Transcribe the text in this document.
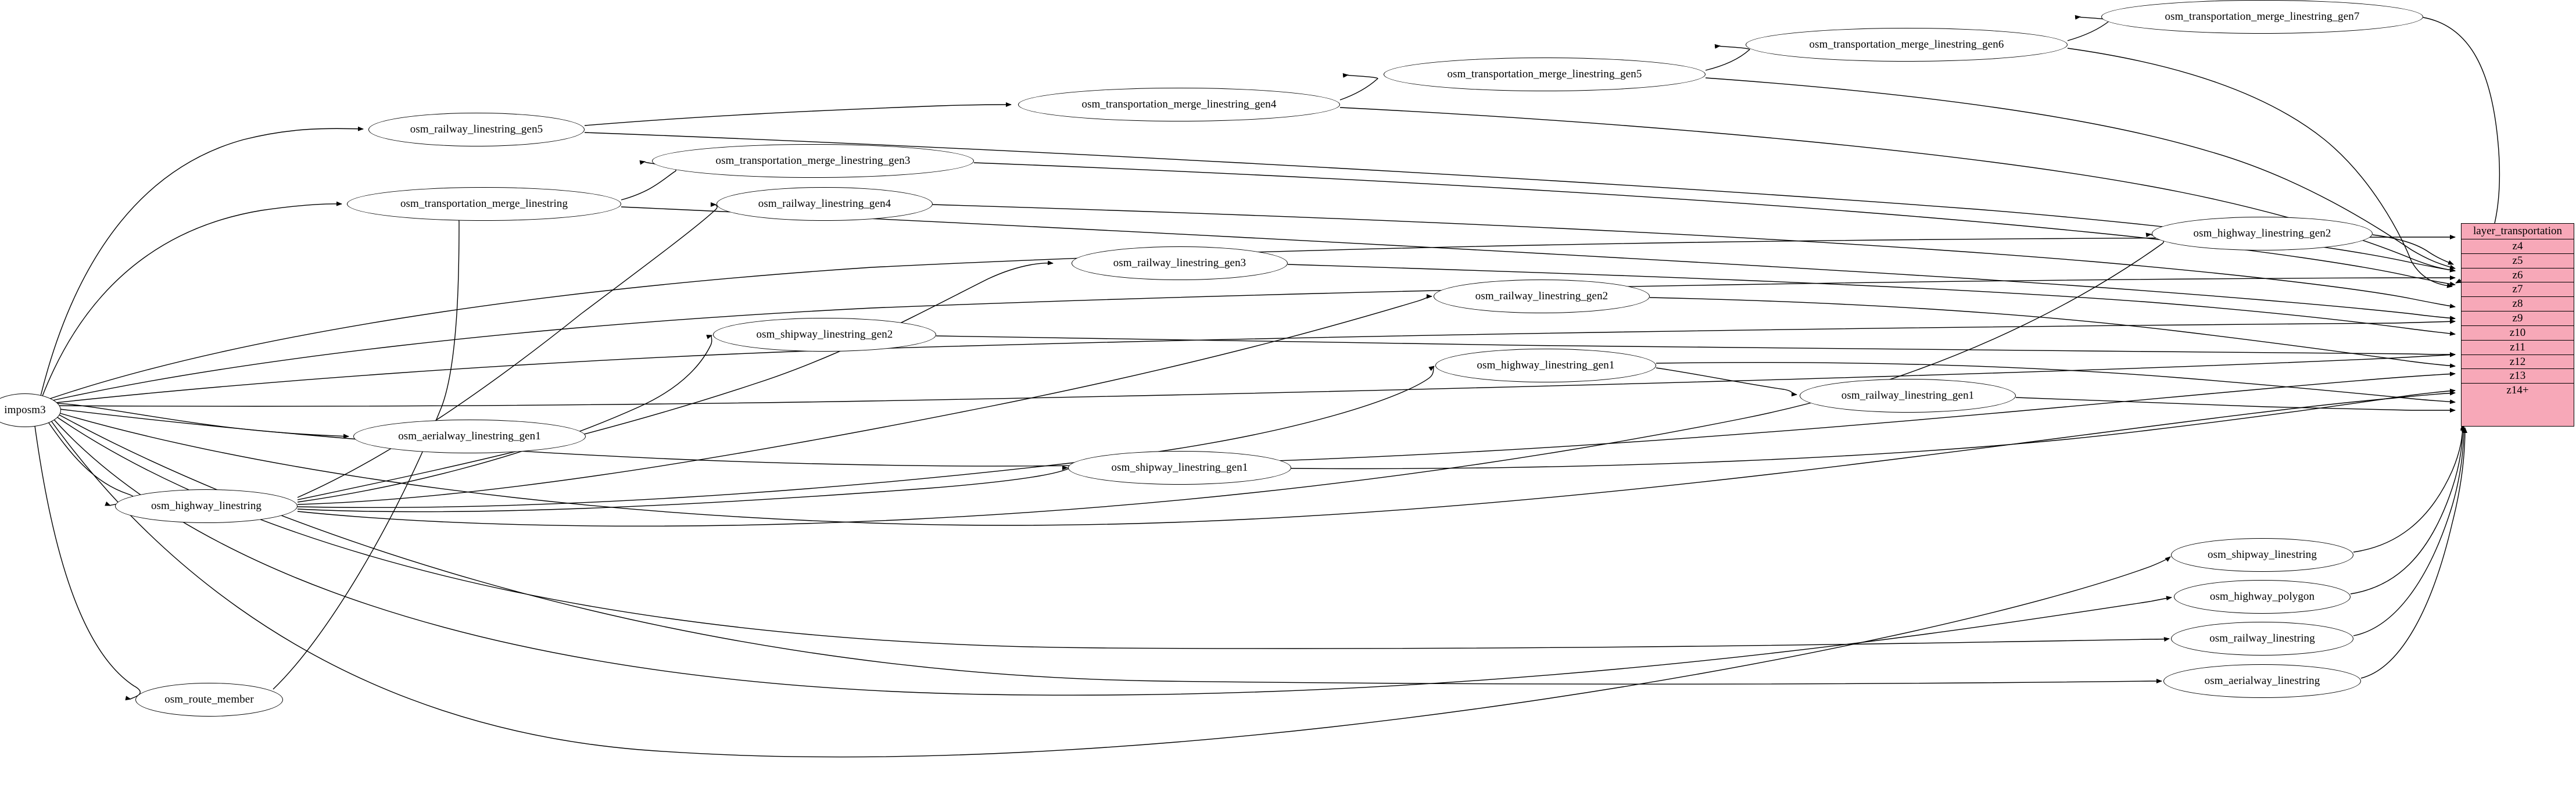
imposm3
osm_railway_linestring_gen5
osm_transportation_merge_linestring
osm_aerialway_linestring_gen1
osm_highway_linestring
osm_route_member
osm_transportation_merge_linestring_gen3
osm_railway_linestring_gen4
osm_shipway_linestring_gen2
osm_railway_linestring_gen3
osm_shipway_linestring_gen1
osm_transportation_merge_linestring_gen4
osm_railway_linestring_gen2
osm_highway_linestring_gen1
osm_transportation_merge_linestring_gen5
osm_railway_linestring_gen1
osm_transportation_merge_linestring_gen6
osm_transportation_merge_linestring_gen7
osm_highway_linestring_gen2
osm_shipway_linestring
osm_highway_polygon
osm_railway_linestring
osm_aerialway_linestring
layer_transportation
z4
z5
z6
z7
z8
z9
z10
z11
z12
z13
z14+
